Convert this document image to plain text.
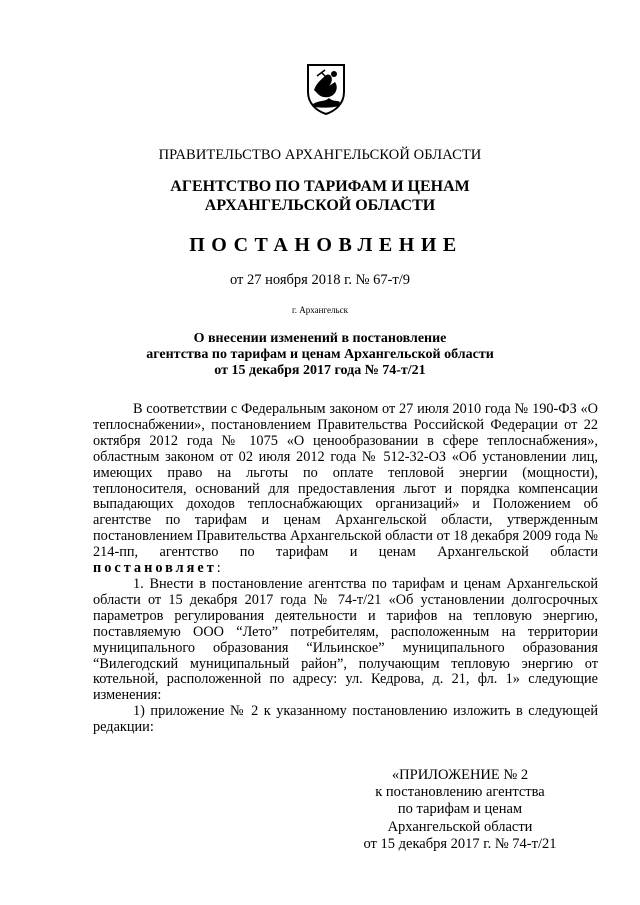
ПРАВИТЕЛЬСТВО АРХАНГЕЛЬСКОЙ ОБЛАСТИ
АГЕНТСТВО ПО ТАРИФАМ И ЦЕНАМ
АРХАНГЕЛЬСКОЙ ОБЛАСТИ
ПОСТАНОВЛЕНИЕ
от 27 ноября 2018 г. № 67-т/9
г. Архангельск
О внесении изменений в постановление
агентства по тарифам и ценам Архангельской области
от 15 декабря 2017 года № 74-т/21

В соответствии с Федеральным законом от 27 июля 2010 года № 190-ФЗ «О теплоснабжении», постановлением Правительства Российской Федерации от 22 октября 2012 года № 1075 «О ценообразовании в сфере теплоснабжения», областным законом от 02 июля 2012 года № 512-32-ОЗ «Об установлении лиц, имеющих право на льготы по оплате тепловой энергии (мощности), теплоносителя, оснований для предоставления льгот и порядка компенсации выпадающих доходов теплоснабжающих организаций» и Положением об агентстве по тарифам и ценам Архангельской области, утвержденным постановлением Правительства Архангельской области от 18 декабря 2009 года № 214-пп, агентство по тарифам и ценам Архангельской области постановляет:

1. Внести в постановление агентства по тарифам и ценам Архангельской области от 15 декабря 2017 года № 74-т/21 «Об установлении долгосрочных параметров регулирования деятельности и тарифов на тепловую энергию, поставляемую ООО “Лето” потребителям, расположенным на территории муниципального образования “Ильинское” муниципального образования “Вилегодский муниципальный район”, получающим тепловую энергию от котельной, расположенной по адресу: ул. Кедрова, д. 21, фл. 1» следующие изменения:

1) приложение № 2 к указанному постановлению изложить в следующей редакции:

«ПРИЛОЖЕНИЕ № 2
к постановлению агентства
по тарифам и ценам
Архангельской области
от 15 декабря 2017 г. № 74-т/21
